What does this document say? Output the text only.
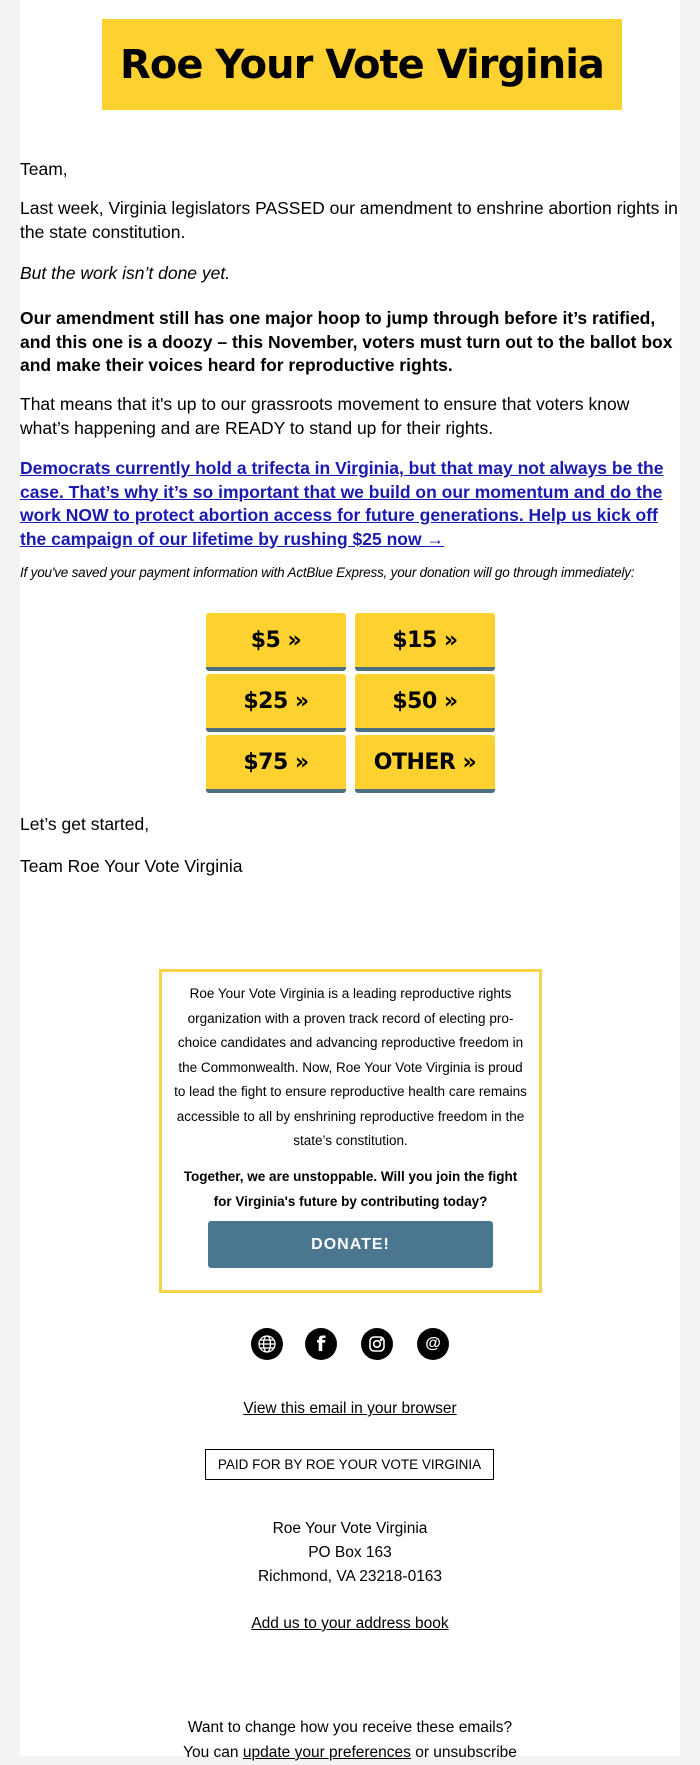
Roe Your Vote Virginia
Team,
Last week, Virginia legislators PASSED our amendment to enshrine abortion rights in the state constitution.
But the work isn’t done yet.
Our amendment still has one major hoop to jump through before it’s ratified, and this one is a doozy – this November, voters must turn out to the ballot box and make their voices heard for reproductive rights.
That means that it's up to our grassroots movement to ensure that voters know what’s happening and are READY to stand up for their rights.
Democrats currently hold a trifecta in Virginia, but that may not always be the case. That’s why it’s so important that we build on our momentum and do the work NOW to protect abortion access for future generations. Help us kick off the campaign of our lifetime by rushing $25 now →
If you've saved your payment information with ActBlue Express, your donation will go through immediately:
$5 »	$15 »
$25 »	$50 »
$75 »	OTHER »
Let’s get started,
Team Roe Your Vote Virginia
Roe Your Vote Virginia is a leading reproductive rights organization with a proven track record of electing pro-choice candidates and advancing reproductive freedom in the Commonwealth. Now, Roe Your Vote Virginia is proud to lead the fight to ensure reproductive health care remains accessible to all by enshrining reproductive freedom in the state’s constitution.
Together, we are unstoppable. Will you join the fight for Virginia's future by contributing today?
DONATE!
f	@
View this email in your browser
PAID FOR BY ROE YOUR VOTE VIRGINIA
Roe Your Vote Virginia
PO Box 163
Richmond, VA 23218-0163
Add us to your address book
Want to change how you receive these emails?
You can update your preferences or unsubscribe
